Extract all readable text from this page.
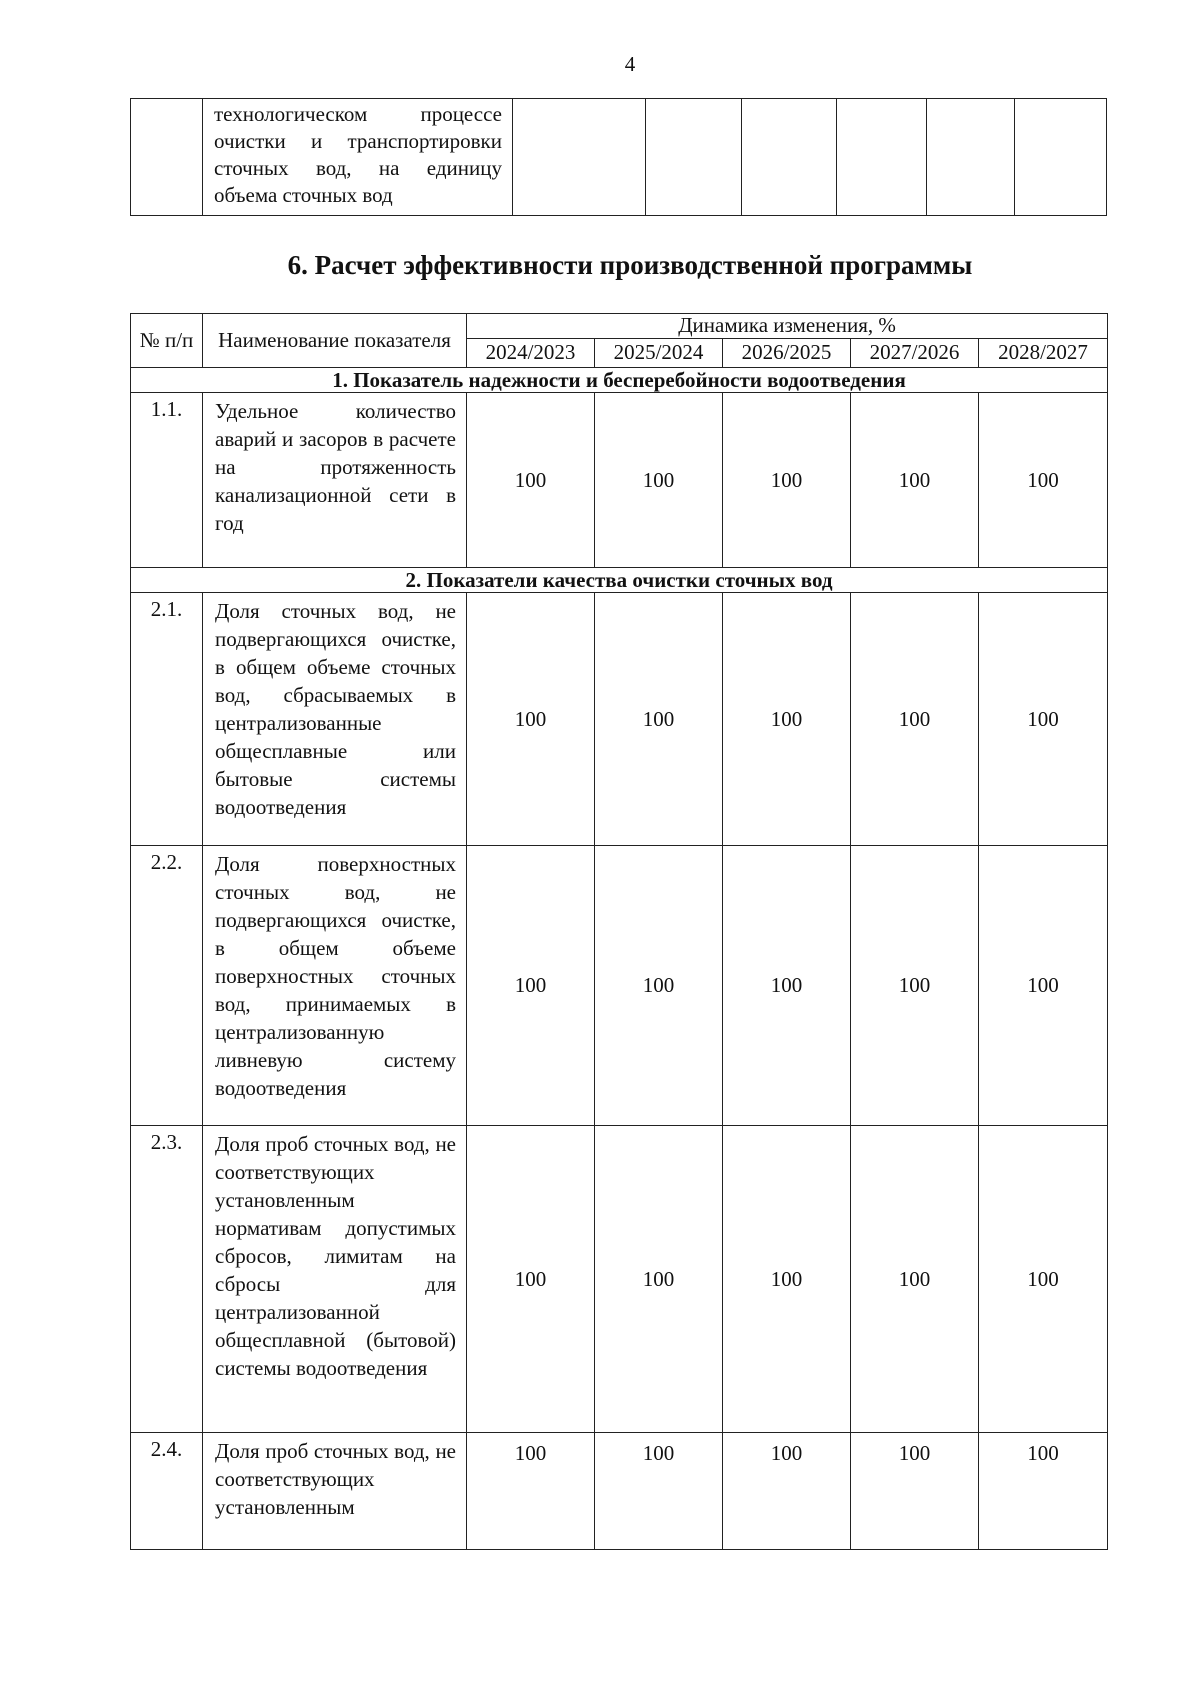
4

технологическом процессе очистки и транспортировки сточных вод, на единицу объема сточных вод

6. Расчет эффективности производственной программы
№ п/п	Наименование показателя	Динамика изменения, %				
		2024/2023	2025/2024	2026/2025	2027/2026	2028/2027
1. Показатель надежности и бесперебойности водоотведения						
1.1.	Удельное количество аварий и засоров в расчете на протяженность канализационной сети в год	100	100	100	100	100
2. Показатели качества очистки сточных вод						
2.1.	Доля сточных вод, не подвергающихся очистке, в общем объеме сточных вод, сбрасываемых в централизованные общесплавные или бытовые системы водоотведения	100	100	100	100	100
2.2.	Доля поверхностных сточных вод, не подвергающихся очистке, в общем объеме поверхностных сточных вод, принимаемых в централизованную ливневую систему водоотведения	100	100	100	100	100
2.3.	Доля проб сточных вод, не соответствующих установленным нормативам допустимых сбросов, лимитам на сбросы для централизованной общесплавной (бытовой) системы водоотведения	100	100	100	100	100
2.4.	Доля проб сточных вод, не соответствующих установленным	100	100	100	100	100
